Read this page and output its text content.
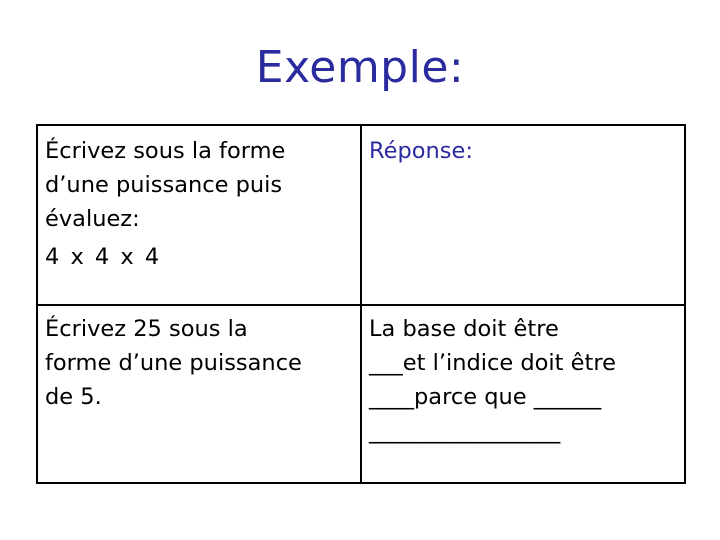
Exemple:
Écrivez sous la forme
d’une puissance puis
évaluez:
4 x 4 x 4
Réponse:
Écrivez 25 sous la
forme d’une puissance
de 5.
La base doit être
___et l’indice doit être
____parce que ______
_________________
